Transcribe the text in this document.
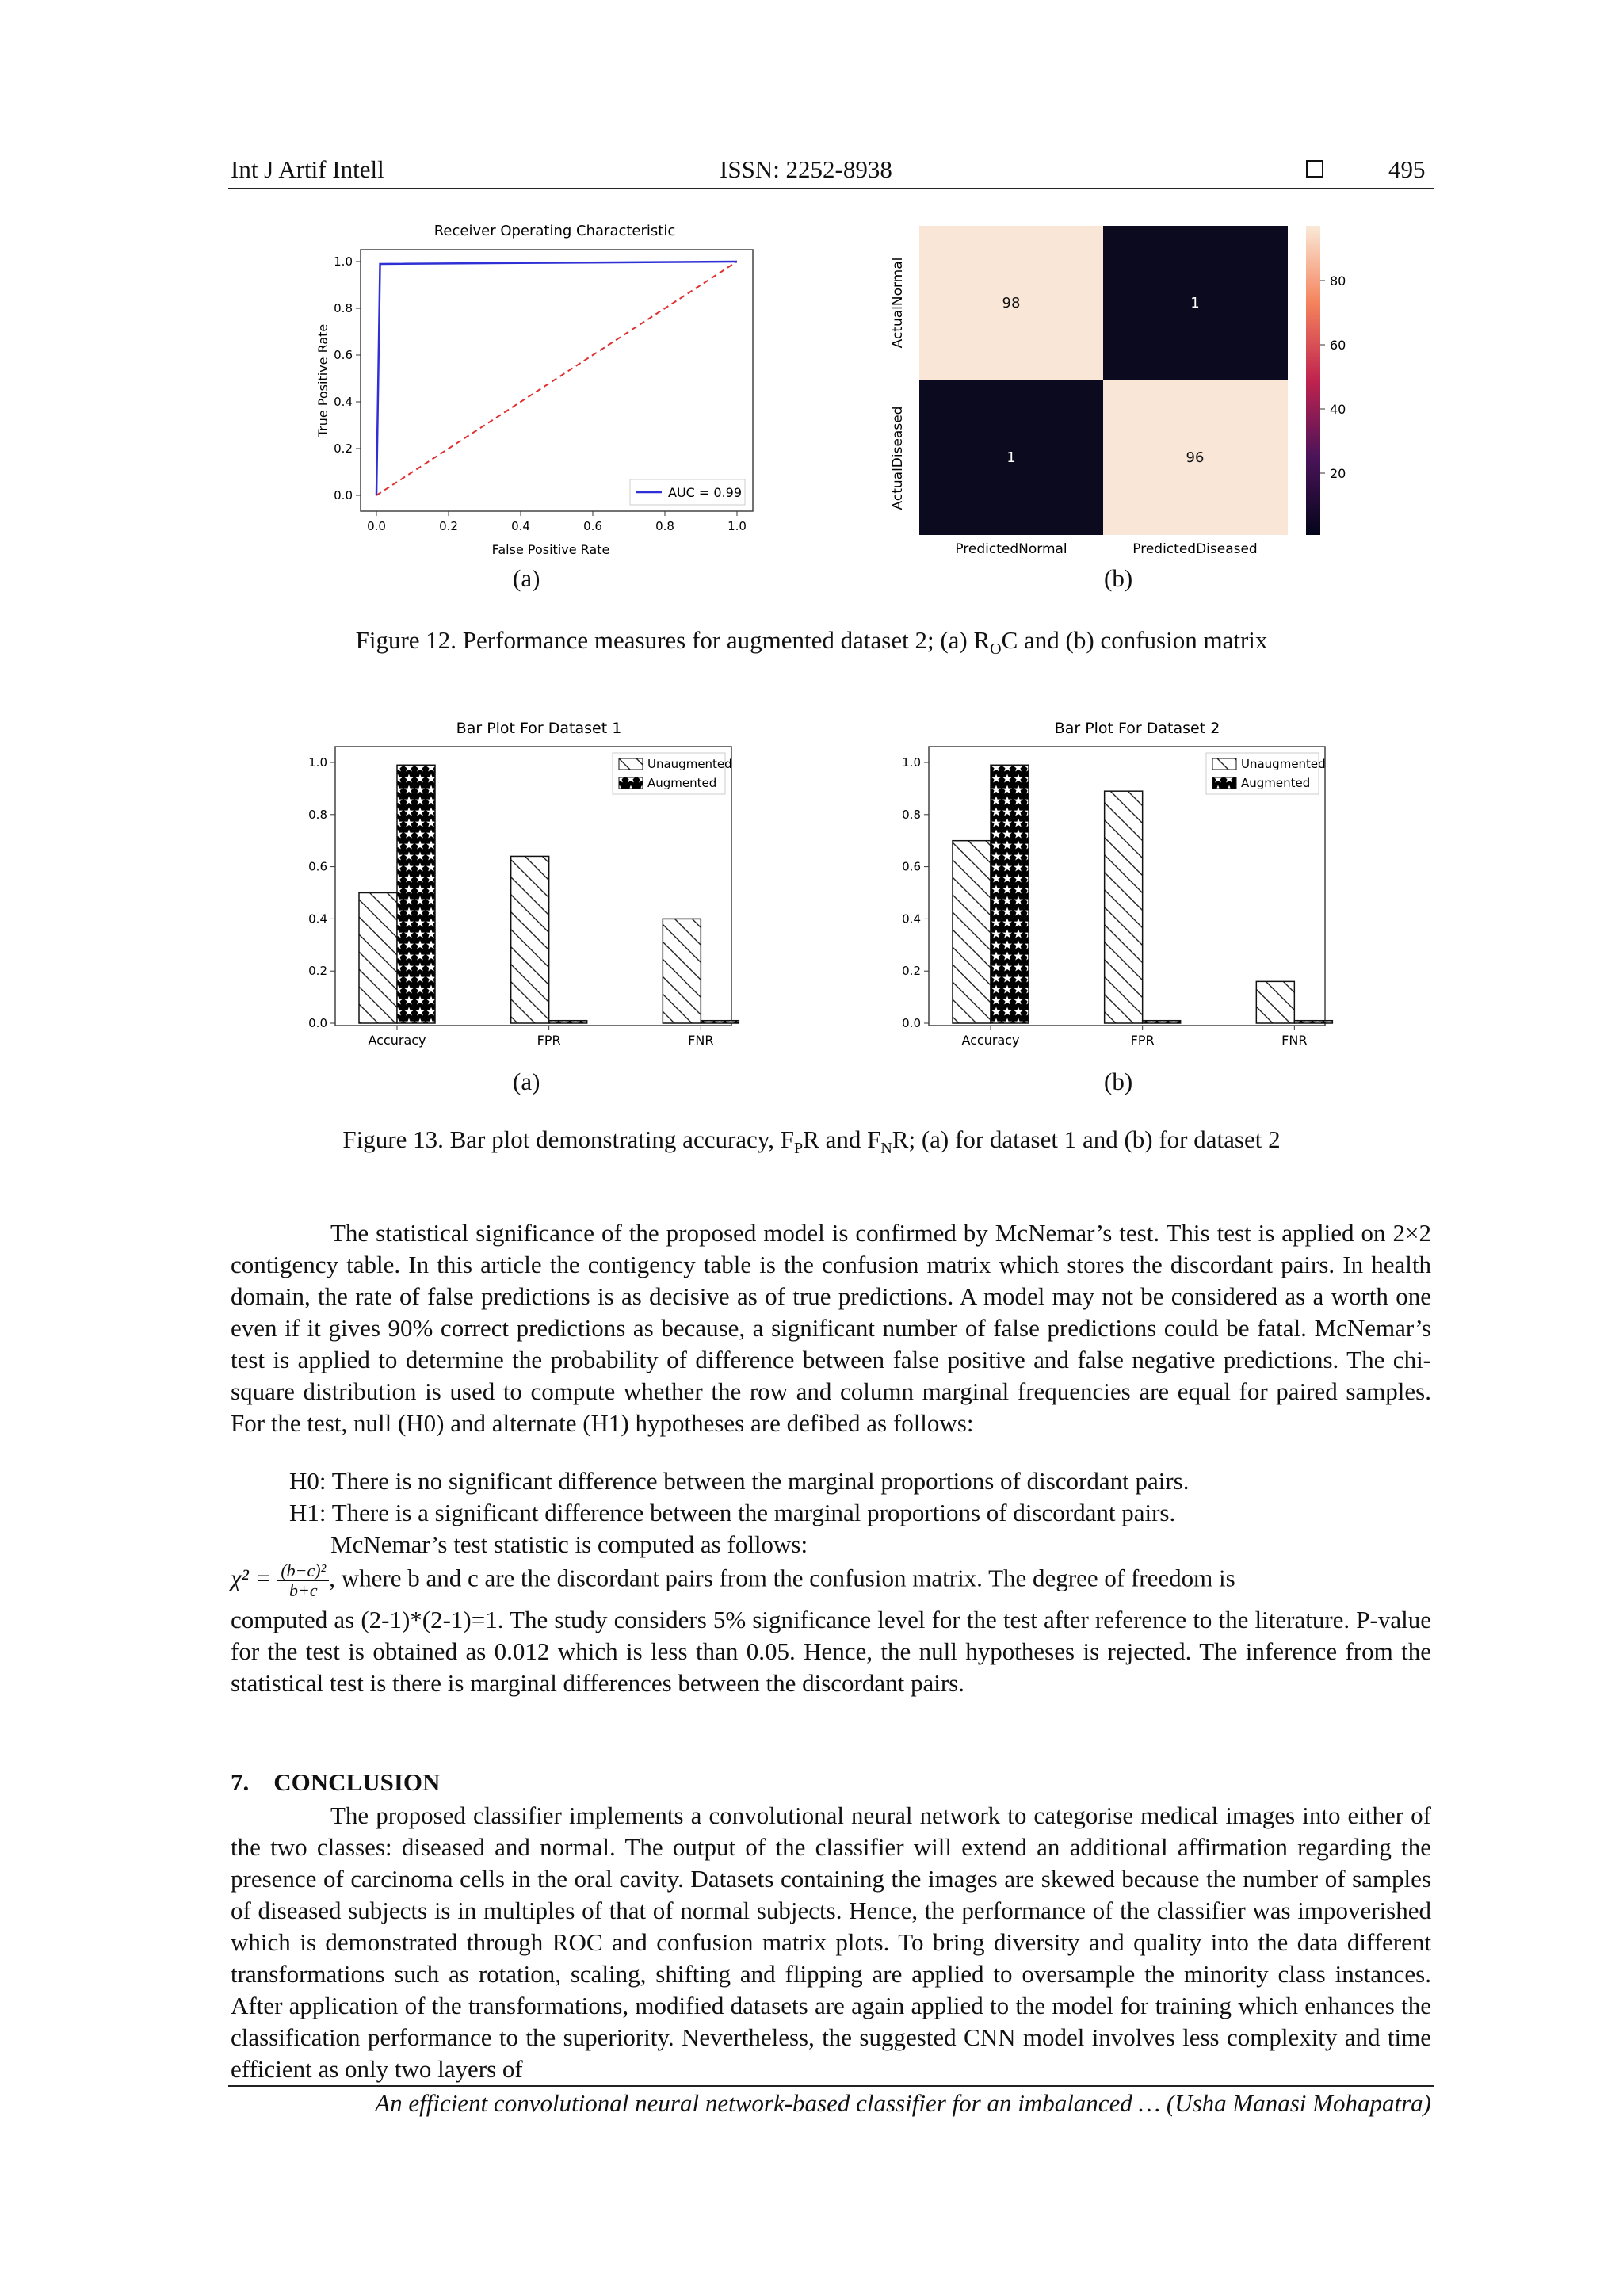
Int J Artif Intell	ISSN: 2252-8938	495
Receiver Operating Characteristic
0.0
0.0
0.2
0.2
0.4
0.4
0.6
0.6
0.8
0.8
1.0
1.0
AUC = 0.99
False Positive Rate
True Positive Rate
(a)
98	1
1	96
ActualNormal
ActualDiseased
PredictedNormal	PredictedDiseased
80
60
40
20
(b)
Figure 12. Performance measures for augmented dataset 2; (a) $R_OC$ and (b) confusion matrix
Bar Plot For Dataset 1
0.0
0.2
0.4
0.6
0.8
1.0
Accuracy	FPR	FNR
Unaugmented
Augmented
(a)
Bar Plot For Dataset 2
0.0
0.2
0.4
0.6
0.8
1.0
Accuracy	FPR	FNR
Unaugmented
Augmented
(b)
Figure 13. Bar plot demonstrating accuracy, $F_PR$ and $F_NR$; (a) for dataset 1 and (b) for dataset 2

The statistical significance of the proposed model is confirmed by McNemar’s test. This test is applied on 2×2 contigency table. In this article the contigency table is the confusion matrix which stores the discordant pairs. In health domain, the rate of false predictions is as decisive as of true predictions. A model may not be considered as a worth one even if it gives 90% correct predictions as because, a significant number of false predictions could be fatal. McNemar’s test is applied to determine the probability of difference between false positive and false negative predictions. The chi-square distribution is used to compute whether the row and column marginal frequencies are equal for paired samples. For the test, null (H0) and alternate (H1) hypotheses are defibed as follows:

H0: There is no significant difference between the marginal proportions of discordant pairs.
H1: There is a significant difference between the marginal proportions of discordant pairs.
McNemar’s test statistic is computed as follows:
$\chi^2 = \frac{\text{(b−c)²}}{b+c}$ , where b and c are the discordant pairs from the confusion matrix. The degree of freedom is

computed as (2-1)*(2-1)=1. The study considers 5% significance level for the test after reference to the literature. P-value for the test is obtained as 0.012 which is less than 0.05. Hence, the null hypotheses is rejected. The inference from the statistical test is there is marginal differences between the discordant pairs.

7.    CONCLUSION

The proposed classifier implements a convolutional neural network to categorise medical images into either of the two classes: diseased and normal. The output of the classifier will extend an additional affirmation regarding the presence of carcinoma cells in the oral cavity. Datasets containing the images are skewed because the number of samples of diseased subjects is in multiples of that of normal subjects. Hence, the performance of the classifier was impoverished which is demonstrated through ROC and confusion matrix plots. To bring diversity and quality into the data different transformations such as rotation, scaling, shifting and flipping are applied to oversample the minority class instances. After application of the transformations, modified datasets are again applied to the model for training which enhances the classification performance to the superiority. Nevertheless, the suggested CNN model involves less complexity and time efficient as only two layers of

An efficient convolutional neural network-based classifier for an imbalanced … (Usha Manasi Mohapatra)
